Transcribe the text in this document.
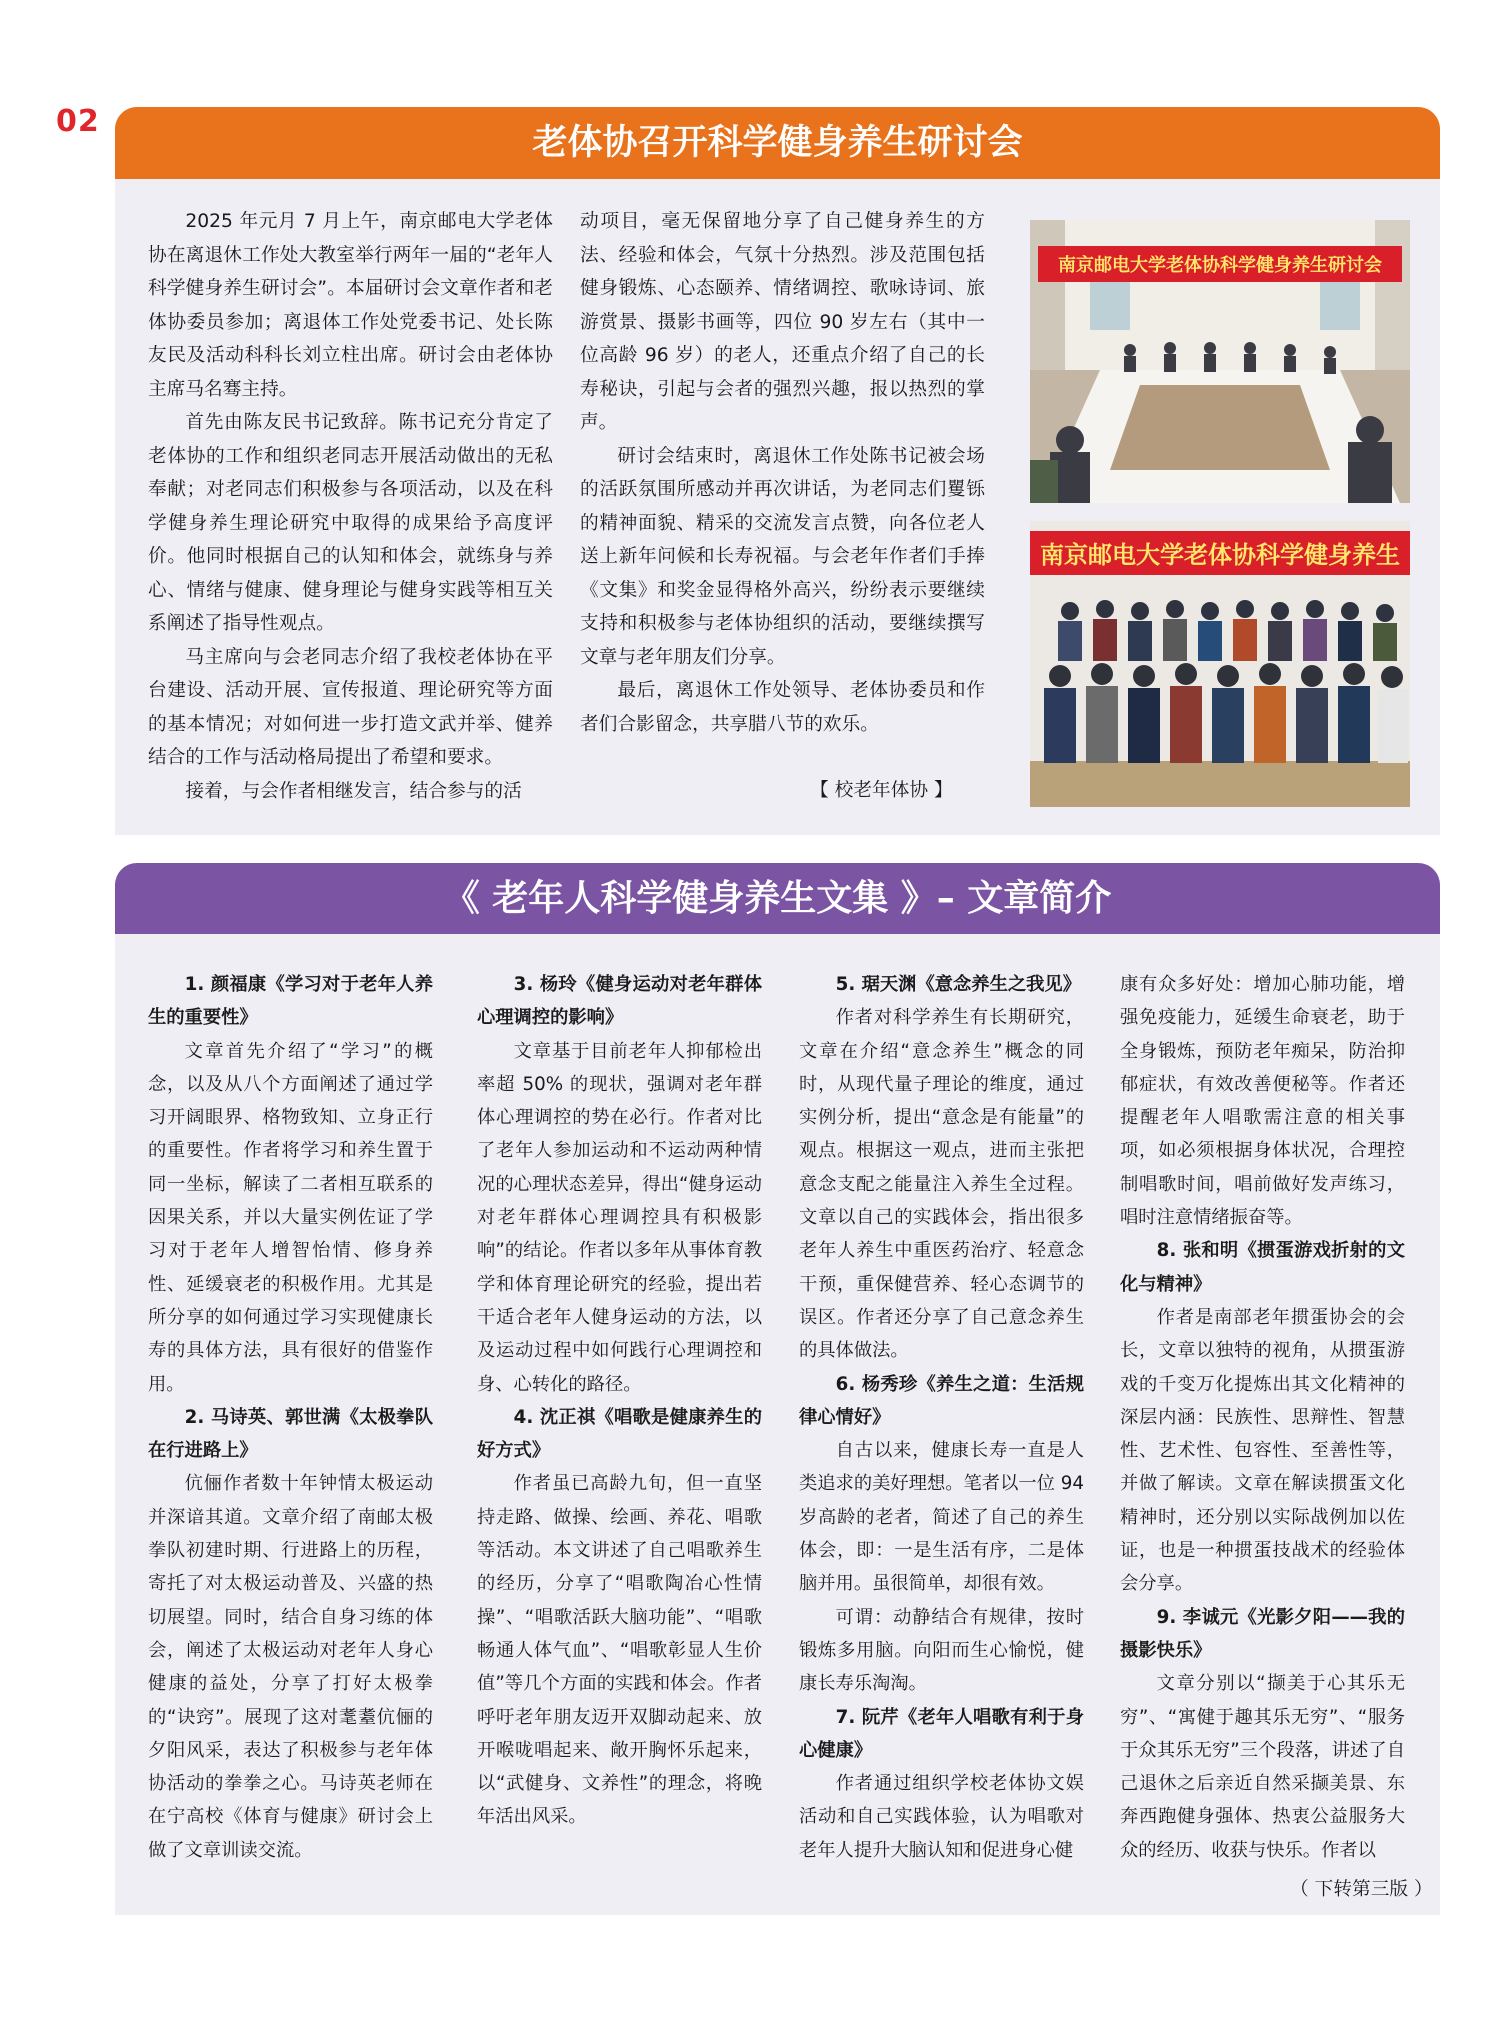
02
老体协召开科学健身养生研讨会

2025 年元月 7 月上午，南京邮电大学老体协在离退休工作处大教室举行两年一届的“老年人科学健身养生研讨会”。本届研讨会文章作者和老体协委员参加；离退体工作处党委书记、处长陈友民及活动科科长刘立柱出席。研讨会由老体协主席马名骞主持。

首先由陈友民书记致辞。陈书记充分肯定了老体协的工作和组织老同志开展活动做出的无私奉献；对老同志们积极参与各项活动，以及在科学健身养生理论研究中取得的成果给予高度评价。他同时根据自己的认知和体会，就练身与养心、情绪与健康、健身理论与健身实践等相互关系阐述了指导性观点。

马主席向与会老同志介绍了我校老体协在平台建设、活动开展、宣传报道、理论研究等方面的基本情况；对如何进一步打造文武并举、健养结合的工作与活动格局提出了希望和要求。

接着，与会作者相继发言，结合参与的活

动项目，毫无保留地分享了自己健身养生的方法、经验和体会，气氛十分热烈。涉及范围包括健身锻炼、心态颐养、情绪调控、歌咏诗词、旅游赏景、摄影书画等，四位 90 岁左右（其中一位高龄 96 岁）的老人，还重点介绍了自己的长寿秘诀，引起与会者的强烈兴趣，报以热烈的掌声。

研讨会结束时，离退休工作处陈书记被会场的活跃氛围所感动并再次讲话，为老同志们矍铄的精神面貌、精采的交流发言点赞，向各位老人送上新年问候和长寿祝福。与会老年作者们手捧《文集》和奖金显得格外高兴，纷纷表示要继续支持和积极参与老体协组织的活动，要继续撰写文章与老年朋友们分享。

最后，离退休工作处领导、老体协委员和作者们合影留念，共享腊八节的欢乐。

【 校老年体协 】
南京邮电大学老体协科学健身养生研讨会
南京邮电大学老体协科学健身养生
《 老年人科学健身养生文集 》– 文章简介
1. 颜福康《学习对于老年人养生的重要性》

文章首先介绍了“学习”的概念，以及从八个方面阐述了通过学习开阔眼界、格物致知、立身正行的重要性。作者将学习和养生置于同一坐标，解读了二者相互联系的因果关系，并以大量实例佐证了学习对于老年人增智怡情、修身养性、延缓衰老的积极作用。尤其是所分享的如何通过学习实现健康长寿的具体方法，具有很好的借鉴作用。

2. 马诗英、郭世满《太极拳队在行进路上》

伉俪作者数十年钟情太极运动并深谙其道。文章介绍了南邮太极拳队初建时期、行进路上的历程，寄托了对太极运动普及、兴盛的热切展望。同时，结合自身习练的体会，阐述了太极运动对老年人身心健康的益处，分享了打好太极拳的“诀窍”。展现了这对耄耋伉俪的夕阳风采，表达了积极参与老年体协活动的拳拳之心。马诗英老师在在宁高校《体育与健康》研讨会上做了文章训读交流。

3. 杨玲《健身运动对老年群体心理调控的影响》

文章基于目前老年人抑郁检出率超 50% 的现状，强调对老年群体心理调控的势在必行。作者对比了老年人参加运动和不运动两种情况的心理状态差异，得出“健身运动对老年群体心理调控具有积极影响”的结论。作者以多年从事体育教学和体育理论研究的经验，提出若干适合老年人健身运动的方法，以及运动过程中如何践行心理调控和身、心转化的路径。

4. 沈正祺《唱歌是健康养生的好方式》

作者虽已高龄九旬，但一直坚持走路、做操、绘画、养花、唱歌等活动。本文讲述了自己唱歌养生的经历，分享了“唱歌陶冶心性情操”、“唱歌活跃大脑功能”、“唱歌畅通人体气血”、“唱歌彰显人生价值”等几个方面的实践和体会。作者呼吁老年朋友迈开双脚动起来、放开喉咙唱起来、敞开胸怀乐起来，以“武健身、文养性”的理念，将晚年活出风采。

5. 琚天渊《意念养生之我见》

作者对科学养生有长期研究，文章在介绍“意念养生”概念的同时，从现代量子理论的维度，通过实例分析，提出“意念是有能量”的观点。根据这一观点，进而主张把意念支配之能量注入养生全过程。文章以自己的实践体会，指出很多老年人养生中重医药治疗、轻意念干预，重保健营养、轻心态调节的误区。作者还分享了自己意念养生的具体做法。

6. 杨秀珍《养生之道：生活规律心情好》

自古以来，健康长寿一直是人类追求的美好理想。笔者以一位 94 岁高龄的老者，简述了自己的养生体会，即：一是生活有序，二是体脑并用。虽很简单，却很有效。

可谓：动静结合有规律，按时锻炼多用脑。向阳而生心愉悦，健康长寿乐淘淘。

7. 阮芹《老年人唱歌有利于身心健康》

作者通过组织学校老体协文娱活动和自己实践体验，认为唱歌对老年人提升大脑认知和促进身心健

康有众多好处：增加心肺功能，增强免疫能力，延缓生命衰老，助于全身锻炼，预防老年痴呆，防治抑郁症状，有效改善便秘等。作者还提醒老年人唱歌需注意的相关事项，如必须根据身体状况，合理控制唱歌时间，唱前做好发声练习，唱时注意情绪振奋等。

8. 张和明《掼蛋游戏折射的文化与精神》

作者是南部老年掼蛋协会的会长，文章以独特的视角，从掼蛋游戏的千变万化提炼出其文化精神的深层内涵：民族性、思辩性、智慧性、艺术性、包容性、至善性等，并做了解读。文章在解读掼蛋文化精神时，还分别以实际战例加以佐证，也是一种掼蛋技战术的经验体会分享。

9. 李诚元《光影夕阳——我的摄影快乐》

文章分别以“撷美于心其乐无穷”、“寓健于趣其乐无穷”、“服务于众其乐无穷”三个段落，讲述了自己退休之后亲近自然采撷美景、东奔西跑健身强体、热衷公益服务大众的经历、收获与快乐。作者以

（ 下转第三版 ）
